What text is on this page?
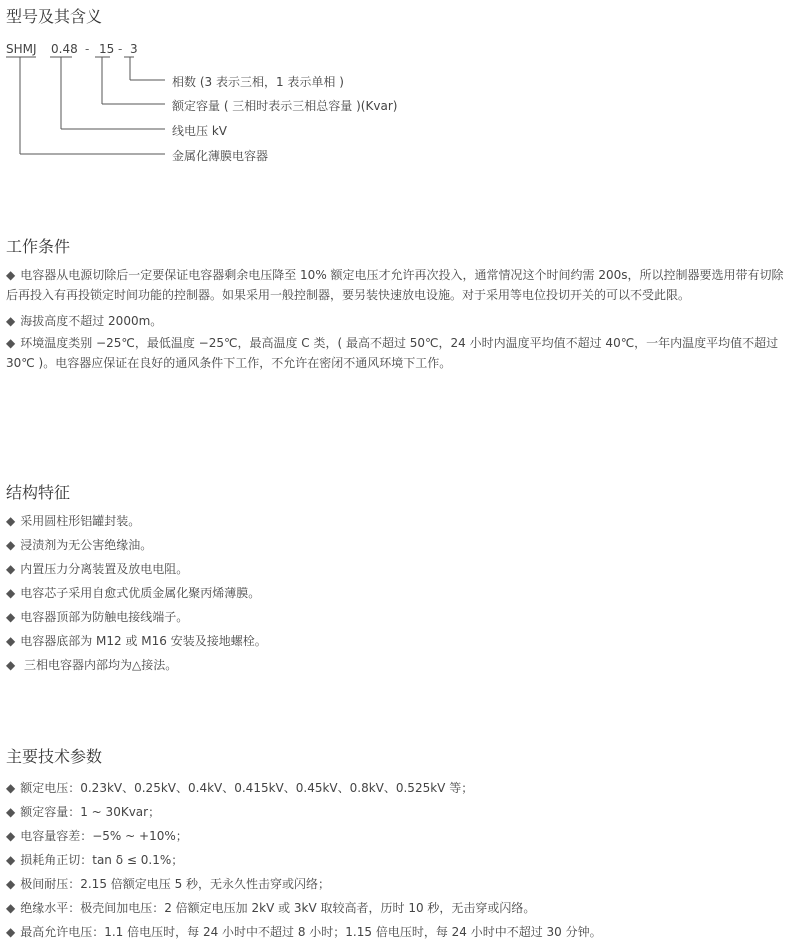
型号及其含义
SHMJ 0.48 - 15 - 3
相数 (3 表示三相，1 表示单相 )
额定容量 ( 三相时表示三相总容量 )(Kvar)
线电压 kV
金属化薄膜电容器
工作条件
◆ 电容器从电源切除后一定要保证电容器剩余电压降至 10% 额定电压才允许再次投入，通常情况这个时间约需 200s，所以控制器要选用带有切除后再投入有再投锁定时间功能的控制器。如果采用一般控制器，要另装快速放电设施。对于采用等电位投切开关的可以不受此限。
◆ 海拔高度不超过 2000m。
◆ 环境温度类别 −25℃，最低温度 −25℃，最高温度 C 类，( 最高不超过 50℃，24 小时内温度平均值不超过 40℃，一年内温度平均值不超过 30℃ )。电容器应保证在良好的通风条件下工作，不允许在密闭不通风环境下工作。
结构特征
◆ 采用圆柱形铝罐封装。
◆ 浸渍剂为无公害绝缘油。
◆ 内置压力分离装置及放电电阻。
◆ 电容芯子采用自愈式优质金属化聚丙烯薄膜。
◆ 电容器顶部为防触电接线端子。
◆ 电容器底部为 M12 或 M16 安装及接地螺栓。
◆ 三相电容器内部均为△接法。
主要技术参数
◆ 额定电压：0.23kV、0.25kV、0.4kV、0.415kV、0.45kV、0.8kV、0.525kV 等；
◆ 额定容量：1 ~ 30Kvar；
◆ 电容量容差：−5% ~ +10%；
◆ 损耗角正切：tan δ ≤ 0.1%；
◆ 极间耐压：2.15 倍额定电压 5 秒，无永久性击穿或闪络；
◆ 绝缘水平：极壳间加电压：2 倍额定电压加 2kV 或 3kV 取较高者，历时 10 秒，无击穿或闪络。
◆ 最高允许电压：1.1 倍电压时，每 24 小时中不超过 8 小时；1.15 倍电压时，每 24 小时中不超过 30 分钟。
